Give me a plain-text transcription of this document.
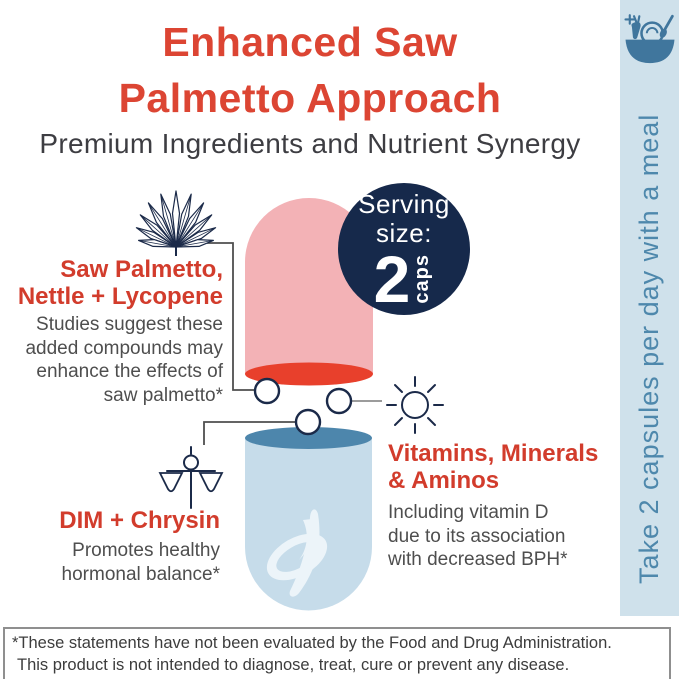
Enhanced Saw
Palmetto Approach
Premium Ingredients and Nutrient Synergy
Serving
size:
2 caps
Saw Palmetto,
Nettle + Lycopene
Studies suggest these
added compounds may
enhance the effects of
saw palmetto*
DIM + Chrysin
Promotes healthy
hormonal balance*
Vitamins, Minerals
& Aminos
Including vitamin D
due to its association
with decreased BPH*	Take 2 capsules per day with a meal
*These statements have not been evaluated by the Food and Drug Administration.
This product is not intended to diagnose, treat, cure or prevent any disease.
